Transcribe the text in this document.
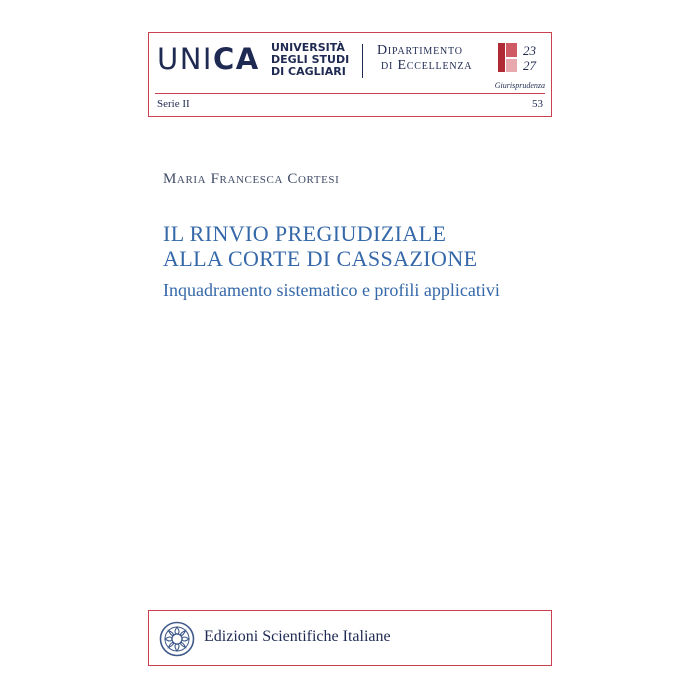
UNICA UNIVERSITÀ
DEGLI STUDI
DI CAGLIARI
Dipartimento
di Eccellenza
23
27
Giurisprudenza
Serie II	53
Maria Francesca Cortesi
IL RINVIO PREGIUDIZIALE
ALLA CORTE DI CASSAZIONE
Inquadramento sistematico e profili applicativi
Edizioni Scientifiche Italiane
